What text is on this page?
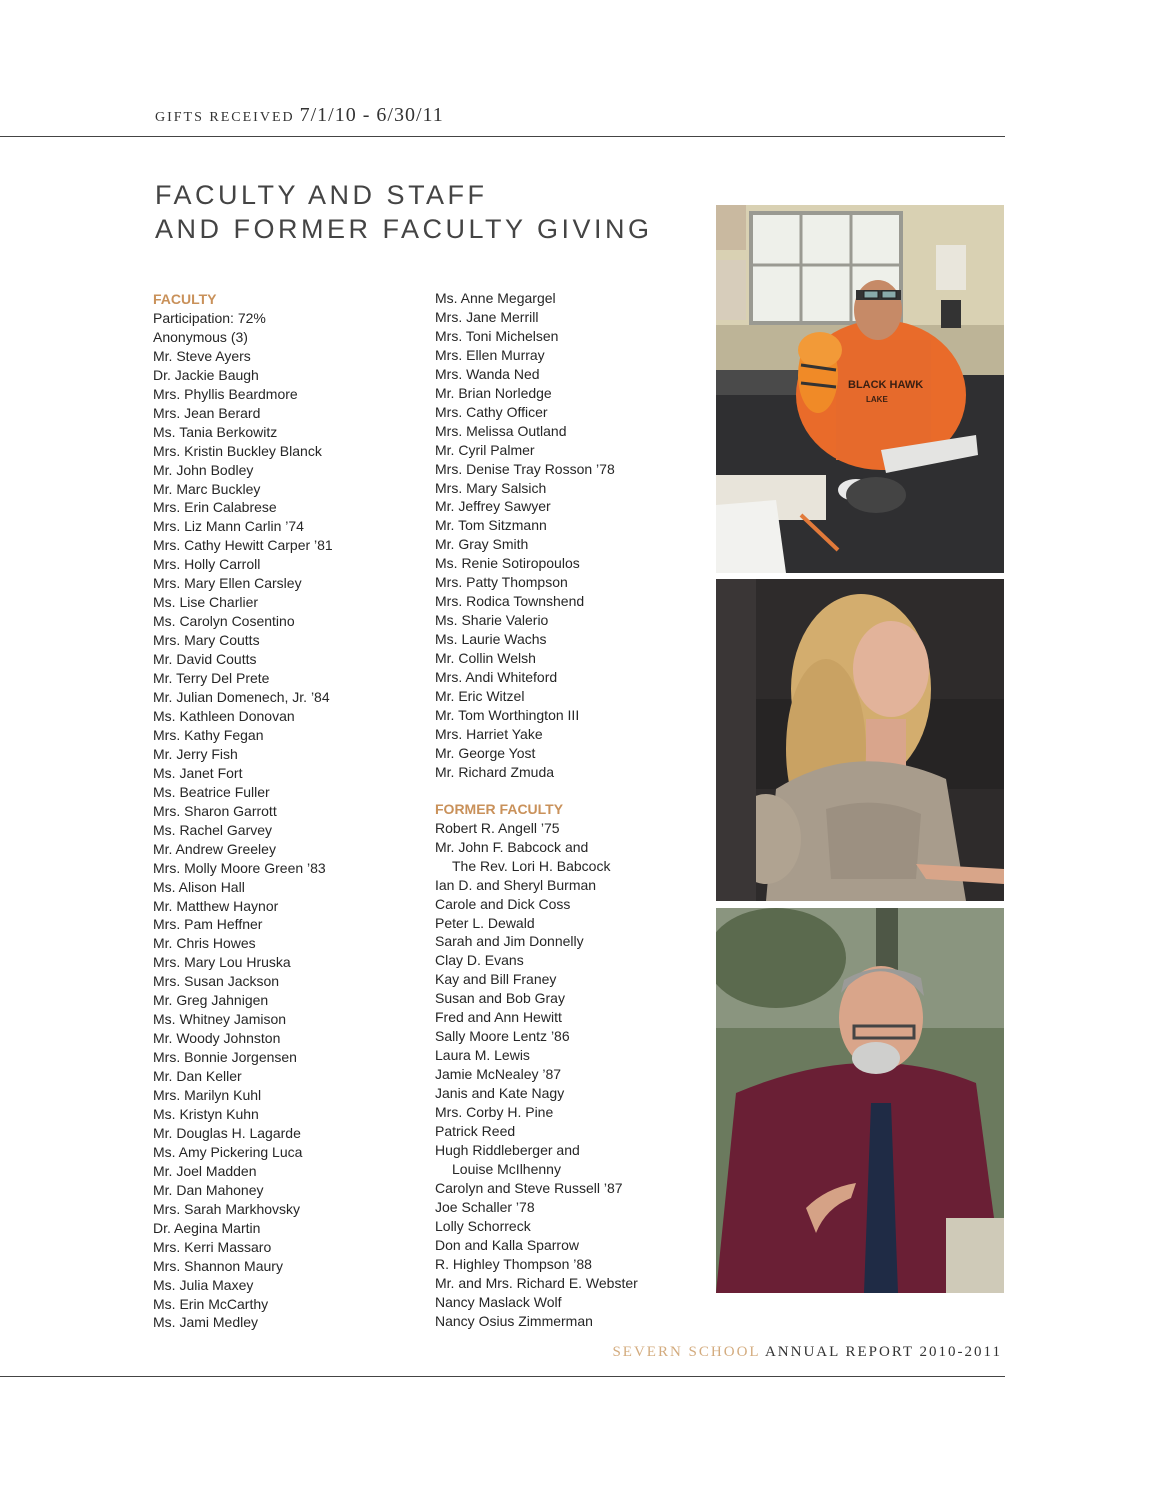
GIFTS RECEIVED 7/1/10 - 6/30/11
FACULTY AND STAFF
AND FORMER FACULTY GIVING
FACULTY
Participation: 72%
Anonymous (3)
Mr. Steve Ayers
Dr. Jackie Baugh
Mrs. Phyllis Beardmore
Mrs. Jean Berard
Ms. Tania Berkowitz
Mrs. Kristin Buckley Blanck
Mr. John Bodley
Mr. Marc Buckley
Mrs. Erin Calabrese
Mrs. Liz Mann Carlin ’74
Mrs. Cathy Hewitt Carper ’81
Mrs. Holly Carroll
Mrs. Mary Ellen Carsley
Ms. Lise Charlier
Ms. Carolyn Cosentino
Mrs. Mary Coutts
Mr. David Coutts
Mr. Terry Del Prete
Mr. Julian Domenech, Jr. ’84
Ms. Kathleen Donovan
Mrs. Kathy Fegan
Mr. Jerry Fish
Ms. Janet Fort
Ms. Beatrice Fuller
Mrs. Sharon Garrott
Ms. Rachel Garvey
Mr. Andrew Greeley
Mrs. Molly Moore Green ’83
Ms. Alison Hall
Mr. Matthew Haynor
Mrs. Pam Heffner
Mr. Chris Howes
Mrs. Mary Lou Hruska
Mrs. Susan Jackson
Mr. Greg Jahnigen
Ms. Whitney Jamison
Mr. Woody Johnston
Mrs. Bonnie Jorgensen
Mr. Dan Keller
Mrs. Marilyn Kuhl
Ms. Kristyn Kuhn
Mr. Douglas H. Lagarde
Ms. Amy Pickering Luca
Mr. Joel Madden
Mr. Dan Mahoney
Mrs. Sarah Markhovsky
Dr. Aegina Martin
Mrs. Kerri Massaro
Mrs. Shannon Maury
Ms. Julia Maxey
Ms. Erin McCarthy
Ms. Jami Medley
Ms. Anne Megargel
Mrs. Jane Merrill
Mrs. Toni Michelsen
Mrs. Ellen Murray
Mrs. Wanda Ned
Mr. Brian Norledge
Mrs. Cathy Officer
Mrs. Melissa Outland
Mr. Cyril Palmer
Mrs. Denise Tray Rosson ’78
Mrs. Mary Salsich
Mr. Jeffrey Sawyer
Mr. Tom Sitzmann
Mr. Gray Smith
Ms. Renie Sotiropoulos
Mrs. Patty Thompson
Mrs. Rodica Townshend
Ms. Sharie Valerio
Ms. Laurie Wachs
Mr. Collin Welsh
Mrs. Andi Whiteford
Mr. Eric Witzel
Mr. Tom Worthington III
Mrs. Harriet Yake
Mr. George Yost
Mr. Richard Zmuda
FORMER FACULTY
Robert R. Angell ’75
Mr. John F. Babcock and
The Rev. Lori H. Babcock
Ian D. and Sheryl Burman
Carole and Dick Coss
Peter L. Dewald
Sarah and Jim Donnelly
Clay D. Evans
Kay and Bill Franey
Susan and Bob Gray
Fred and Ann Hewitt
Sally Moore Lentz ’86
Laura M. Lewis
Jamie McNealey ’87
Janis and Kate Nagy
Mrs. Corby H. Pine
Patrick Reed
Hugh Riddleberger and
Louise McIlhenny
Carolyn and Steve Russell ’87
Joe Schaller ’78
Lolly Schorreck
Don and Kalla Sparrow
R. Highley Thompson ’88
Mr. and Mrs. Richard E. Webster
Nancy Maslack Wolf
Nancy Osius Zimmerman
BLACK HAWK
LAKE
SEVERN SCHOOL ANNUAL REPORT 2010-2011
